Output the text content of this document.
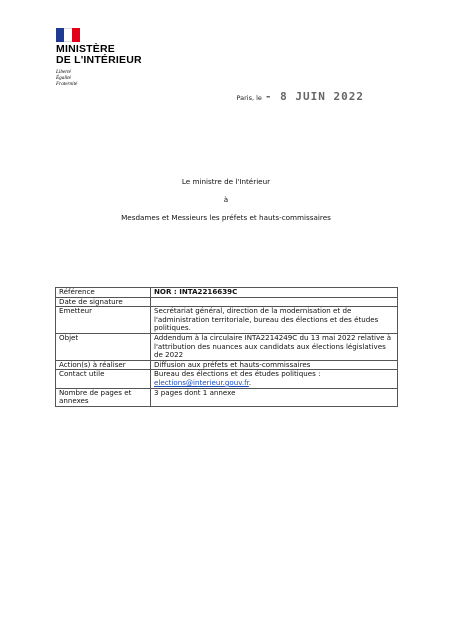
MINISTÈRE
DE L'INTÉRIEUR
Liberté
Égalité
Fraternité
Paris, le - 8 JUIN 2022
Le ministre de l'Intérieur
à
Mesdames et Messieurs les préfets et hauts-commissaires
Référence	NOR : INTA2216639C
Date de signature	
Emetteur	Secrétariat général, direction de la modernisation et de l'administration territoriale, bureau des élections et des études politiques.
Objet	Addendum à la circulaire INTA2214249C du 13 mai 2022 relative à l'attribution des nuances aux candidats aux élections législatives de 2022
Action(s) à réaliser	Diffusion aux préfets et hauts-commissaires
Contact utile	Bureau des élections et des études politiques :
elections@interieur.gouv.fr.
Nombre de pages et annexes	3 pages dont 1 annexe
